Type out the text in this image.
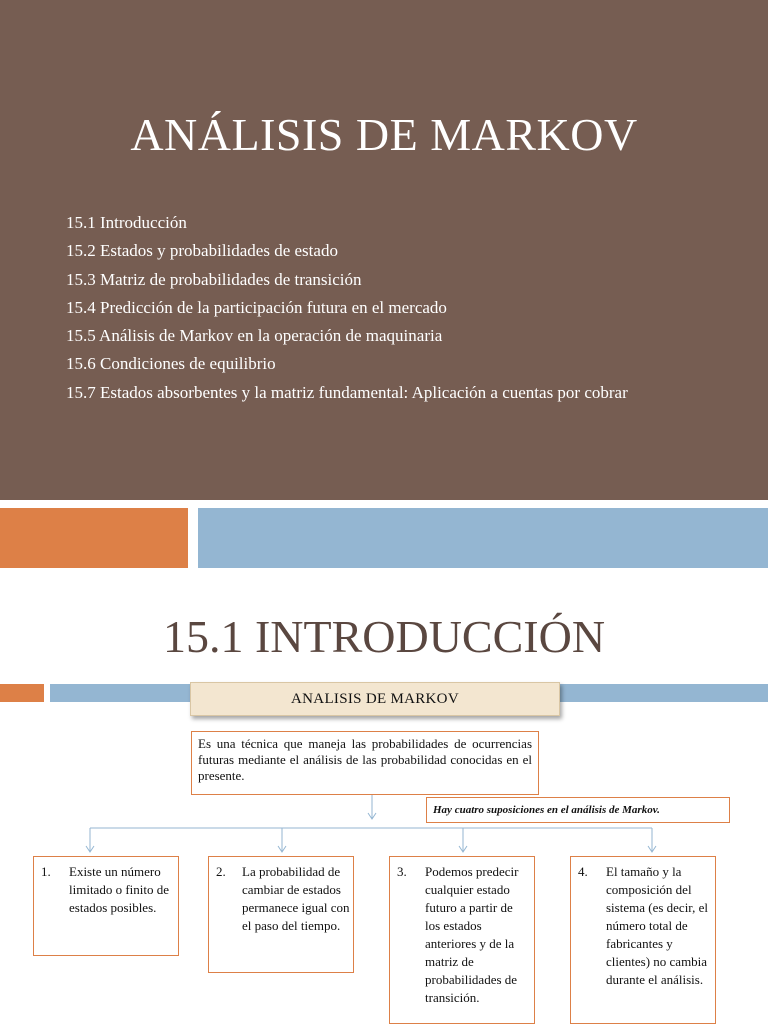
ANÁLISIS DE MARKOV
15.1 Introducción
15.2 Estados y probabilidades de estado
15.3 Matriz de probabilidades de transición
15.4 Predicción de la participación futura en el mercado
15.5 Análisis de Markov en la operación de maquinaria
15.6 Condiciones de equilibrio
15.7 Estados absorbentes y la matriz fundamental: Aplicación a cuentas por cobrar
15.1 INTRODUCCIÓN
ANALISIS DE MARKOV
Es una técnica que maneja las probabilidades de ocurrencias futuras mediante el análisis de las probabilidad conocidas en el presente.
Hay cuatro suposiciones en el análisis de Markov.
1. Existe un número limitado o finito de estados posibles.
2. La probabilidad de cambiar de estados permanece igual con el paso del tiempo.
3. Podemos predecir cualquier estado futuro a partir de los estados anteriores y de la matriz de probabilidades de transición.
4. El tamaño y la composición del sistema (es decir, el número total de fabricantes y clientes) no cambia durante el análisis.
